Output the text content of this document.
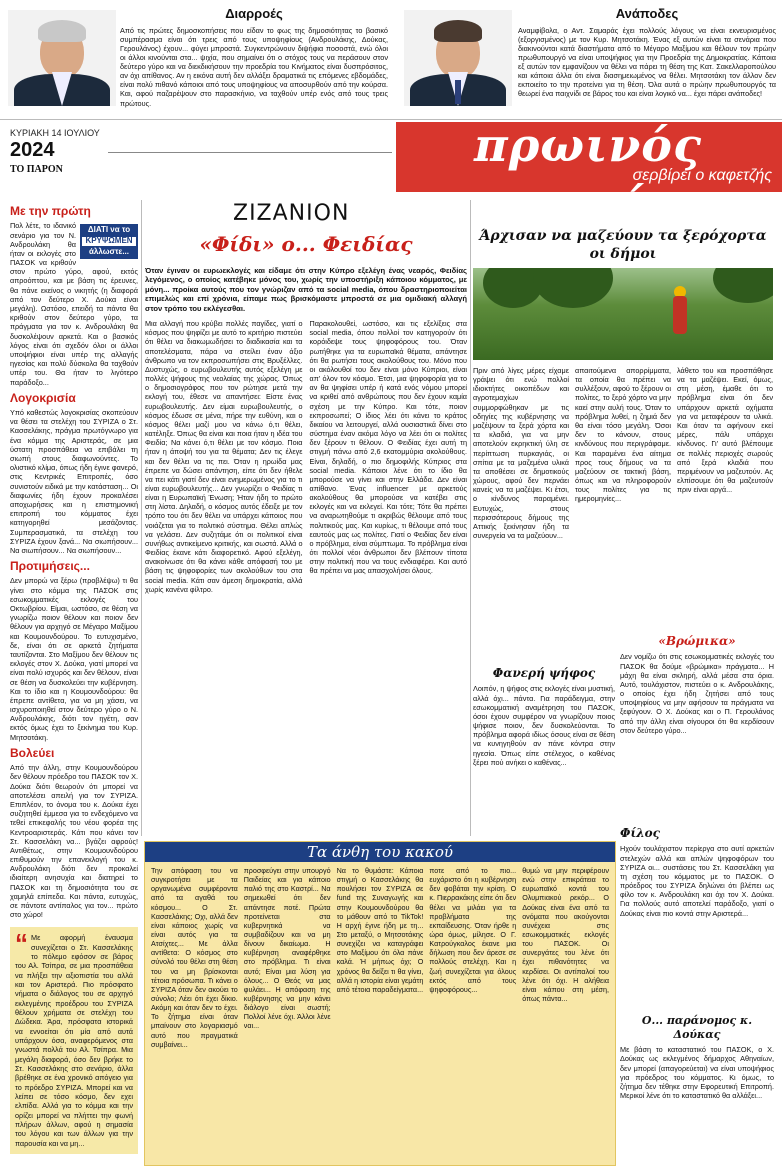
Διαρροές

Από τις πρώτες δημοσκοπήσεις που είδαν το φως της δημοσιότητας το βασικό συμπέρασμα είναι ότι τρεις από τους υποψηφίους (Ανδρουλάκης, Δούκας, Γερουλάνος) έχουν... φύγει μπροστά. Συγκεντρώνουν διψήφια ποσοστά, ενώ όλοι οι άλλοι κινούνται στα... ψιχία, που σημαίνει ότι ο στόχος τους να περάσουν στον δεύτερο γύρο και να διεκδικήσουν την προεδρία του Κινήματος είναι δυσπρόσιτος, αν όχι απίθανος. Αν η εικόνα αυτή δεν αλλάξει δραματικά τις επόμενες εβδομάδες, είναι πολύ πιθανό κάποιοι από τους υποψηφίους να αποσυρθούν από την κούρσα. Και, αφού παζαρέψουν στο παρασκήνιο, να ταχθούν υπέρ ενός από τους τρεις πρώτους.

Ανάποδες

Αναμφίβολα, ο Αντ. Σαμαράς έχει πολλούς λόγους να είναι εκνευρισμένος (εξοργισμένος) με τον Κυρ. Μητσοτάκη. Ένας εξ αυτών είναι τα σενάρια που διακινούνται κατά διαστήματα από το Μέγαρο Μαξίμου και θέλουν τον πρώην πρωθυπουργό να είναι υποψήφιος για την Προεδρία της Δημοκρατίας. Κάποια εξ αυτών τον εμφανίζουν να θέλει να πάρει τη θέση της Κατ. Σακελλαροπούλου και κάποια άλλα ότι είναι διασημειωμένος να θέλει. Μητσοτάκη τον άλλον δεν εκποιείτο το την προτείνει για τη θέση. Όλα αυτά ο πρώην πρωθυπουργός τα θεωρεί ένα παιχνίδι σε βάρος του και είναι λογικό να... έχει πάρει ανάποδες!

ΚΥΡΙΑΚΗ 14 ΙΟΥΛΙΟΥ
2024
ΤΟ ΠΑΡΟΝ	πρωινός καφές
σερβίρει ο καφετζής
Με την πρώτη

ΔΙΑΤΙ να το

ΚΡΥΨΩΜΕΝ
άλλωστε...
Πολ λέτε, το ιδανικό σενάριο για τον Ν. Ανδρουλάκη θα ήταν οι εκλογές στο ΠΑΣΟΚ να κριθούν στον πρώτο γύρο, αφού, εκτός απροόπτου, και με βάση τις έρευνες, θα πάνε εκείνος ο νικητής (η διαφορά από τον δεύτερο Χ. Δούκα είναι μεγάλη). Ωστόσο, επειδή τα πάντα θα κριθούν στον δεύτερο γύρο, τα πράγματα για τον κ. Ανδρουλάκη θα δυσκολέψουν αρκετά. Και ο βασικός λόγος είναι ότι σχεδόν όλοι οι άλλοι υποψήφιοι είναι υπέρ της αλλαγής ηγεσίας και πολύ δύσκολα θα ταχθούν υπέρ του. Θα ήταν το λιγότερο παράδοξο...

Λογοκρισία

Υπό καθεστώς λογοκρισίας σκοπεύουν να θέσει τα στελέχη του ΣΥΡΙΖΑ ο Στ. Κασσελάκης, πράγμα πρωτόγνωρο για ένα κόμμα της Αριστεράς, σε μια ύστατη προσπάθεια να επιβάλει τη σιωπή στους διαφωνούντες. Το ολιστικό κλίμα, όπως ήδη έγινε φανερό, στις Κεντρικές Επιτροπές, όσο συνιστούν ειδικά με την κατάσταση... Οι διαφωνίες ήδη έχουν προκαλέσει αποχωρήσεις και η επιστημονική επιτροπή του κόμματος έχει κατηγορηθεί μεσάζοντας. Συμπερασματικά, τα στελέχη του ΣΥΡΙΖΑ έχουν ξανά... Να σιωπήσουν... Να σιωπήσουν... Να σιωπήσουν...

Προτιμήσεις...

Δεν μπορώ να ξέρω (προβλέψω) τι θα γίνει στο κόμμα της ΠΑΣΟΚ στις εσωκομματικές εκλογές του Οκτωβρίου. Είμαι, ωστόσο, σε θέση να γνωρίζω ποιον θέλουν και ποιον δεν θέλουν για αρχηγό σε Μέγαρο Μαξίμου και Κουμουνδούρου. Το ευτυχισμένο, δε, είναι ότι σε αρκετά ζητήματα ταυτίζονται. Στο Μαξίμου δεν θέλουν τις εκλογές στον Χ. Δούκα, γιατί μπορεί να είναι πολύ ισχυρός και δεν θέλουν, είναι σε θέση να δυσκολεύει την κυβέρνηση. Και το ίδιο και η Κουμουνδούρου: θα έπρεπε αντίθετα, για να μη χάσει, να ισχυροποιηθεί στον δεύτερο γύρο ο Ν. Ανδρουλάκης, διότι τον ηγέτη, σαν εκτός όμως έχει το ξεκίνημα του Κυρ. Μητσοτάκη.

Βολεύει

Από την άλλη, στην Κουμουνδούρου δεν θέλουν πρόεδρο του ΠΑΣΟΚ τον Χ. Δούκα διότι θεωρούν ότι μπορεί να αποτελέσει απειλή για τον ΣΥΡΙΖΑ. Επιπλέον, το όνομα του κ. Δούκα έχει συζητηθεί έμμεσα για το ενδεχόμενο να τεθεί επικεφαλής του νέου φορέα της Κεντροαριστεράς. Κάτι που κάνει τον Στ. Κασσελάκη να... βγάζει αφρούς! Αντιθέτως, στην Κουμουνδούρου επιθυμούν την επανεκλογή του κ. Ανδρουλάκη διότι δεν προκαλεί ιδιαίτερη ανησυχία και διατηρεί το ΠΑΣΟΚ και τη δημοσιότητα του σε χαμηλά επίπεδα. Και πάντα, ευτυχώς, σε πάντοτε αντίπαλος για τον... πρώτο στο χώρο!

“ Με αφορμή έναυσμα συνεχίζεται ο Στ. Κασσελάκης το πόλεμο εφόσον σε βάρος του Αλ. Τσίπρα, σε μια προσπάθεια να πλήξει την αξιοπιστία του αλλά και τον Αριστερά. Πιο πρόσφατο νήματα ο διάλογος του σε αρχηγό εκλεγμένης προέδρου του ΣΥΡΙΖΑ θέλουν χρήματα σε στελέχη του Δώδεκα. Άρα, πρόσφατα ιστορικά να εννοείται ότι μία από αυτά υπάρχουν όσα, αναφερόμενος στα γνωστά πολλά του Αλ. Τσίπρα. Μια μεγάλη διαφορά, όσο δεν βρήκε το Στ. Κασσελάκης στο σενάριο, άλλα βρέθηκε σε ένα χρονικό απόγειο για το πρόεδρο ΣΥΡΙΖΑ. Μπορεί και να λείπει σε τόσο κόσμο, δεν εχει ελπίδα. Αλλά για το κόμμα και την ορίζει μπορεί να πλήττει την φωνή πλήρων άλλων, αφού η σημασία του λόγου και των άλλων για την παρουσία και να μη...
ΖΙΖΑΝΙΟΝ
«Φίδι» ο... Φειδίας
Όταν έγιναν οι ευρωεκλογές και είδαμε ότι στην Κύπρο εξελέγη ένας νεαρός, Φειδίας λεγόμενος, ο οποίος κατέβηκε μόνος του, χωρίς την υποστήριξη κάποιου κόμματος, με μόνη... προίκα αυτούς που τον γνώριζαν από τα social media, όπου δραστηριοποιείται επιμελώς και επί χρόνια, είπαμε πως βρισκόμαστε μπροστά σε μια ομιδιακή αλλαγή στον τρόπο του εκλέγεσθαι.

Μια αλλαγή που κρύβει πολλές παγίδες, γιατί ο κόσμος που ψηφίζει με αυτό το κριτήριο πιστεύει ότι θέλει να διακωμωδήσει το διαδικασία και τα αποτελέσματα, πάρα να στείλει έναν άξιο άνθρωπο να τον εκπροσωπήσει στις Βρυξέλλες. Δυστυχώς, ο ευρωβουλευτής αυτός εξελέγη με πολλές ψήφους της νεολαίας της χώρας. Όπως ο δημοσιογράφος που τον ρώτησε μετά την εκλογή του, έθεσε να απαντήσει: Είστε ένας ευρωβουλευτής. Δεν είμαι ευρωβουλευτής, ο κόσμος έδωσε σε μένα, πήρε την ευθύνη, και ο κόσμος θέλει μαζί μου να κάνω ό,τι θέλει, κατέληξε. Όπως θα είναι και ποια ήταν η ιδέα του Φειδία; Να κάνει ό,τι θέλει με τον κόσμο. Ποια ήταν η άποψή του για τα θέματα; Δεν τις έλεγε και δεν θέλει να τις πει. Όταν η ηρωίδα μας έπρεπε να δώσει απάντηση, είπε ότι δεν ήθελε να πει κάτι γιατί δεν είναι ενημερωμένος για το τι είναι ευρωβουλευτής... Δεν γνωρίζει ο Φειδίας τι είναι η Ευρωπαϊκή Ένωση; Ήταν ήδη το πρώτο στη λίστα. Δηλαδή, ο κόσμος αυτός έδειξε με τον τρόπο του ότι δεν θέλει να υπάρχει κάποιος που νοιάζεται για το πολιτικό σύστημα. Θέλει απλώς να γελάσει. Δεν συζητάμε ότι οι πολιτικοί είναι συνήθως αντικείμενο κριτικής, και σωστά. Αλλά ο Φειδίας έκανε κάτι διαφορετικό. Αφού εξελέγη, ανακοίνωσε ότι θα κάνει κάθε απόφασή του με βάση τις ψηφοφορίες των ακολούθων του στα social media. Κάτι σαν άμεση δημοκρατία, αλλά χωρίς κανένα φίλτρο.

Παρακολουθεί, ωστόσο, και τις εξελίξεις στα social media, όπου πολλοί τον κατηγορούν ότι κορόιδεψε τους ψηφοφόρους του. Όταν ρωτήθηκε για τα ευρωπαϊκά θέματα, απάντησε ότι θα ρωτήσει τους ακολούθους του. Μόνο που οι ακόλουθοί του δεν είναι μόνο Κύπριοι, είναι απ' όλον τον κόσμο. Έτσι, μια ψηφοφορία για το αν θα ψηφίσει υπέρ ή κατά ενός νόμου μπορεί να κριθεί από ανθρώπους που δεν έχουν καμία σχέση με την Κύπρο. Και τότε, ποιον εκπροσωπεί; Ο ίδιος λέει ότι κάνει το κράτος δικαίου να λειτουργεί, αλλά ουσιαστικά δίνει στο σύστημα έναν ακόμα λόγο να λέει ότι οι πολίτες δεν ξέρουν τι θέλουν. Ο Φειδίας έχει αυτή τη στιγμή πάνω από 2,6 εκατομμύρια ακολούθους. Είναι, δηλαδή, ο πιο δημοφιλής Κύπριος στα social media. Κάποιοι λένε ότι το ίδιο θα μπορούσε να γίνει και στην Ελλάδα. Δεν είναι απίθανο. Ένας influencer με αρκετούς ακολούθους θα μπορούσε να κατέβει στις εκλογές και να εκλεγεί. Και τότε; Τότε θα πρέπει να αναρωτηθούμε τι ακριβώς θέλουμε από τους πολιτικούς μας. Και κυρίως, τι θέλουμε από τους εαυτούς μας ως πολίτες. Γιατί ο Φειδίας δεν είναι ο πρόβλημα, είναι σύμπτωμα. Το πρόβλημα είναι ότι πολλοί νέοι άνθρωποι δεν βλέπουν τίποτα στην πολιτική που να τους ενδιαφέρει. Και αυτό θα πρέπει να μας απασχολήσει όλους.

Άρχισαν να μαζεύουν τα ξερόχορτα οι δήμοι

Πριν από λίγες μέρες είχαμε γράψει ότι ενώ πολλοί ιδιοκτήτες οικοπέδων και αγροτεμαχίων συμμορφώθηκαν με τις οδηγίες της κυβέρνησης να μαζέψουν τα ξερά χόρτα και τα κλαδιά, για να μην αποτελούν εκρηκτική ύλη σε περίπτωση πυρκαγιάς, οι σπίτια με τα μαζεμένα υλικά τα αποθέσει σε δημοτικούς χώρους, αφού δεν περνάει κανείς να τα μαζέψει. Κι έτσι, ο κίνδυνος παραμένει. Ευτυχώς, στους περισσότερους δήμους της Αττικής ξεκίνησαν ήδη τα συνεργεία να τα μαζεύουν...

απαιτούμενα απορρίμματα, τα οποία θα πρέπει να συλλέξουν, αφού το ξέρουν οι πολίτες, το ξερό χόρτο να μην καεί στην αυλή τους. Όταν το πρόβλημα λυθεί, η ζημιά δεν θα είναι τόσο μεγάλη. Όσοι δεν το κάνουν, στους κινδύνους που περιγράφαμε. Και παραμένει ένα αίτημα προς τους δήμους να τα μαζεύουν σε τακτική βάση, όπως και να πληροφορούν τους πολίτες για τις ημερομηνίες...

λάθετο του και προσπάθησε να τα μαζέψει. Εκεί, όμως, στη μέση, έμαθε ότι το πρόβλημα είναι ότι δεν υπάρχουν αρκετά οχήματα για να μεταφέρουν τα υλικά. Και όταν τα αφήνουν εκεί μέρες, πάλι υπάρχει κίνδυνος. Γι' αυτό βλέπουμε σε πολλές περιοχές σωρούς από ξερά κλαδιά που περιμένουν να μαζευτούν. Ας ελπίσουμε ότι θα μαζευτούν πριν είναι αργά...

Φανερή ψήφος

Λοιπόν, η ψήφος στις εκλογές είναι μυστική, αλλά όχι... πάντα. Για παράδειγμα, στην εσωκομματική αναμέτρηση του ΠΑΣΟΚ, όσοι έχουν συμφέρον να γνωρίζουν ποιος ψήφισε ποιον, δεν δυσκολεύονται. Το πρόβλημα αφορά ιδίως όσους είναι σε θέση να κυνηγηθούν αν πάνε κόντρα στην ηγεσία. Όπως είπε στέλεχος, ο καθένας ξέρει πού ανήκει ο καθένας...

«Βρώμικα»

Δεν νομίζω ότι στις εσωκομματικές εκλογές του ΠΑΣΟΚ θα δούμε «βρώμικα» πράγματα... Η μάχη θα είναι σκληρή, αλλά μέσα στα όρια. Αυτό, τουλάχιστον, πιστεύει ο κ. Ανδρουλάκης, ο οποίος έχει ήδη ζητήσει από τους υποψηφίους να μην αφήσουν τα πράγματα να ξεφύγουν. Ο Χ. Δούκας και ο Π. Γερουλάνος από την άλλη είναι σίγουροι ότι θα κερδίσουν στον δεύτερο γύρο...

Φίλος

Ηχούν τουλάχιστον περίεργα στο αυτί αρκετών στελεχών αλλά και απλών ψηφοφόρων του ΣΥΡΙΖΑ οι... συστάσεις του Στ. Κασσελάκη για τη σχέση του κόμματος με το ΠΑΣΟΚ. Ο πρόεδρος του ΣΥΡΙΖΑ δηλώνει ότι βλέπει ως φίλο τον κ. Ανδρουλάκη και όχι τον Χ. Δούκα. Για πολλούς αυτό αποτελεί παράδοξο, γιατί ο Δούκας είναι πιο κοντά στην Αριστερά...

Ο... παράνομος κ. Δούκας

Με βάση το καταστατικό του ΠΑΣΟΚ, ο Χ. Δούκας ως εκλεγμένος δήμαρχος Αθηναίων, δεν μπορεί (απαγορεύεται) να είναι υποψήφιος για πρόεδρος του κόμματος. Κι όμως, το ζήτημα δεν τέθηκε στην Εφορευτική Επιτροπή. Μερικοί λένε ότι το καταστατικό θα αλλάξει...

Τα άνθη του κακού

Την απόφαση του να συγκροτήσει με τα οργανωμένα συμφέροντα από τα αγαθά του κόσμου... Ο Στ. Κασσελάκης; Οχι, αλλά δεν είναι κάποιος χωρίς να είναι αυτός για τα Ατσίχτες... Με άλλα αντίθετα: Ο κόσμος στο σύνολό του θέλει στη θέση του να μη βρίσκονται τέτοια πρόσωπα. Τι κάνει ο ΣΥΡΙΖΑ όταν δεν ακούει το σύνολο; Λέει ότι έχει δίκιο. Ακόμη και όταν δεν το έχει. Το ζήτημα είναι όταν μπαίνουν στο λογαριασμό αυτό που πραγματικά συμβαίνει...

προσφεύγει στην υπουργό Παιδείας και για κάποιο παλιό της στο Καστρί... Να σημειωθεί ότι δεν απάντησε ποτέ. Πρώτα προτείνεται στα κυβερνητικά να συμβαδίζουν και να μη δίνουν δικαίωμα. Η κυβέρνηση αναφέρθηκε στο πρόβλημα. Τι είναι αυτό; Είναι μια λύση για όλους... Ο Θεός να μας φυλάει... Η απόφαση της κυβέρνησης να μην κάνει διάλογο είναι σωστή; Πολλοί λένε όχι. Άλλοι λένε ναι...

Να το θυμάστε: Κάποια στιγμή ο Κασσελάκης θα πουλήσει τον ΣΥΡΙΖΑ σε fund της Συναγωγής και στην Κουμουνδούρου θα το μάθουν από το TikTok! Η αρχή έγινε ήδη με τη... Στο μεταξύ, ο Μητσοτάκης συνεχίζει να καταγράφει στο Μαξίμου ότι όλα πάνε καλά. Ή μήπως όχι; Ο χρόνος θα δείξει τι θα γίνει, αλλά η ιστορία είναι γεμάτη από τέτοια παραδείγματα...

ποτε από το πιο... ευχάριστο ότι η κυβέρνηση δεν φοβάται την κρίση. Ο κ. Πιερρακάκης είπε ότι δεν θέλει να μιλάει για τα προβλήματα της εκπαίδευσης. Όταν ήρθε η ώρα όμως, μίλησε. Ο Γ. Κατρούγκαλος έκανε μια δήλωση που δεν άρεσε σε πολλούς στελέχη. Και η ζωή συνεχίζεται για όλους εκτός από τους ψηφοφόρους...

θυμώ να μην περιφέρουν ενώ στην επικράτεια το ευρωπαϊκό κοντά του Ολυμπιακού ρεκόρ... Ο Δούκας είναι ένα από τα ονόματα που ακούγονται συνέχεια στις εσωκομματικές εκλογές του ΠΑΣΟΚ. Οι συνεργάτες του λένε ότι έχει πιθανότητες να κερδίσει. Οι αντίπαλοί του λένε ότι όχι. Η αλήθεια είναι κάπου στη μέση, όπως πάντα...
